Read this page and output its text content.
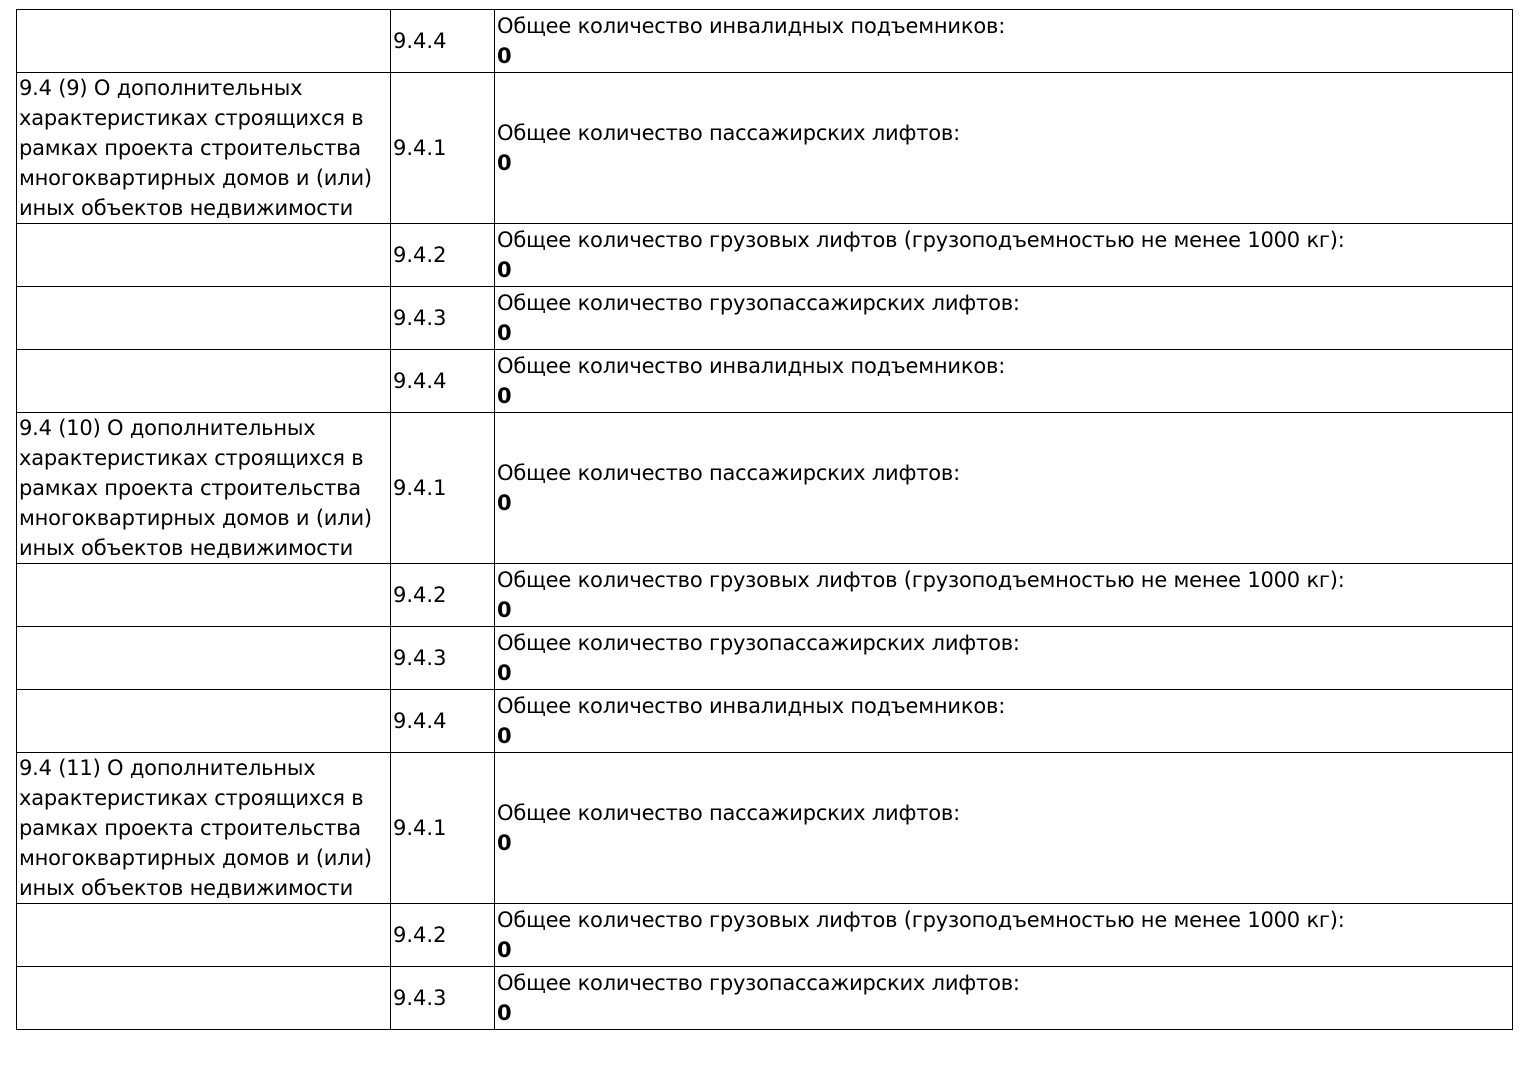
	9.4.4	Общее количество инвалидных подъемников:
0

9.4 (9) О дополнительных характеристиках строящихся в рамках проекта строительства многоквартирных домов и (или) иных объектов недвижимости	9.4.1	Общее количество пассажирских лифтов:
0

	9.4.2	Общее количество грузовых лифтов (грузоподъемностью не менее 1000 кг):
0

	9.4.3	Общее количество грузопассажирских лифтов:
0

	9.4.4	Общее количество инвалидных подъемников:
0

9.4 (10) О дополнительных характеристиках строящихся в рамках проекта строительства многоквартирных домов и (или) иных объектов недвижимости	9.4.1	Общее количество пассажирских лифтов:
0

	9.4.2	Общее количество грузовых лифтов (грузоподъемностью не менее 1000 кг):
0

	9.4.3	Общее количество грузопассажирских лифтов:
0

	9.4.4	Общее количество инвалидных подъемников:
0

9.4 (11) О дополнительных характеристиках строящихся в рамках проекта строительства многоквартирных домов и (или) иных объектов недвижимости	9.4.1	Общее количество пассажирских лифтов:
0

	9.4.2	Общее количество грузовых лифтов (грузоподъемностью не менее 1000 кг):
0

	9.4.3	Общее количество грузопассажирских лифтов:
0
